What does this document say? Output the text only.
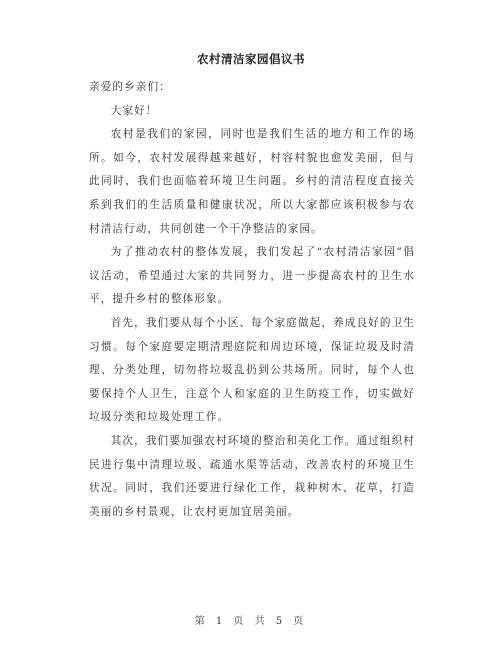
农村清洁家园倡议书

亲爱的乡亲们：

大家好！

农村是我们的家园，同时也是我们生活的地方和工作的场所。如今，农村发展得越来越好，村容村貌也愈发美丽，但与此同时，我们也面临着环境卫生问题。乡村的清洁程度直接关系到我们的生活质量和健康状况，所以大家都应该积极参与农村清洁行动，共同创建一个干净整洁的家园。

为了推动农村的整体发展，我们发起了“农村清洁家园”倡议活动，希望通过大家的共同努力，进一步提高农村的卫生水平，提升乡村的整体形象。

首先，我们要从每个小区、每个家庭做起，养成良好的卫生习惯。每个家庭要定期清理庭院和周边环境，保证垃圾及时清理、分类处理，切勿将垃圾乱扔到公共场所。同时，每个人也要保持个人卫生，注意个人和家庭的卫生防疫工作，切实做好垃圾分类和垃圾处理工作。

其次，我们要加强农村环境的整治和美化工作。通过组织村民进行集中清理垃圾、疏通水渠等活动，改善农村的环境卫生状况。同时，我们还要进行绿化工作，栽种树木、花草，打造美丽的乡村景观，让农村更加宜居美丽。

第 1 页 共 5 页
